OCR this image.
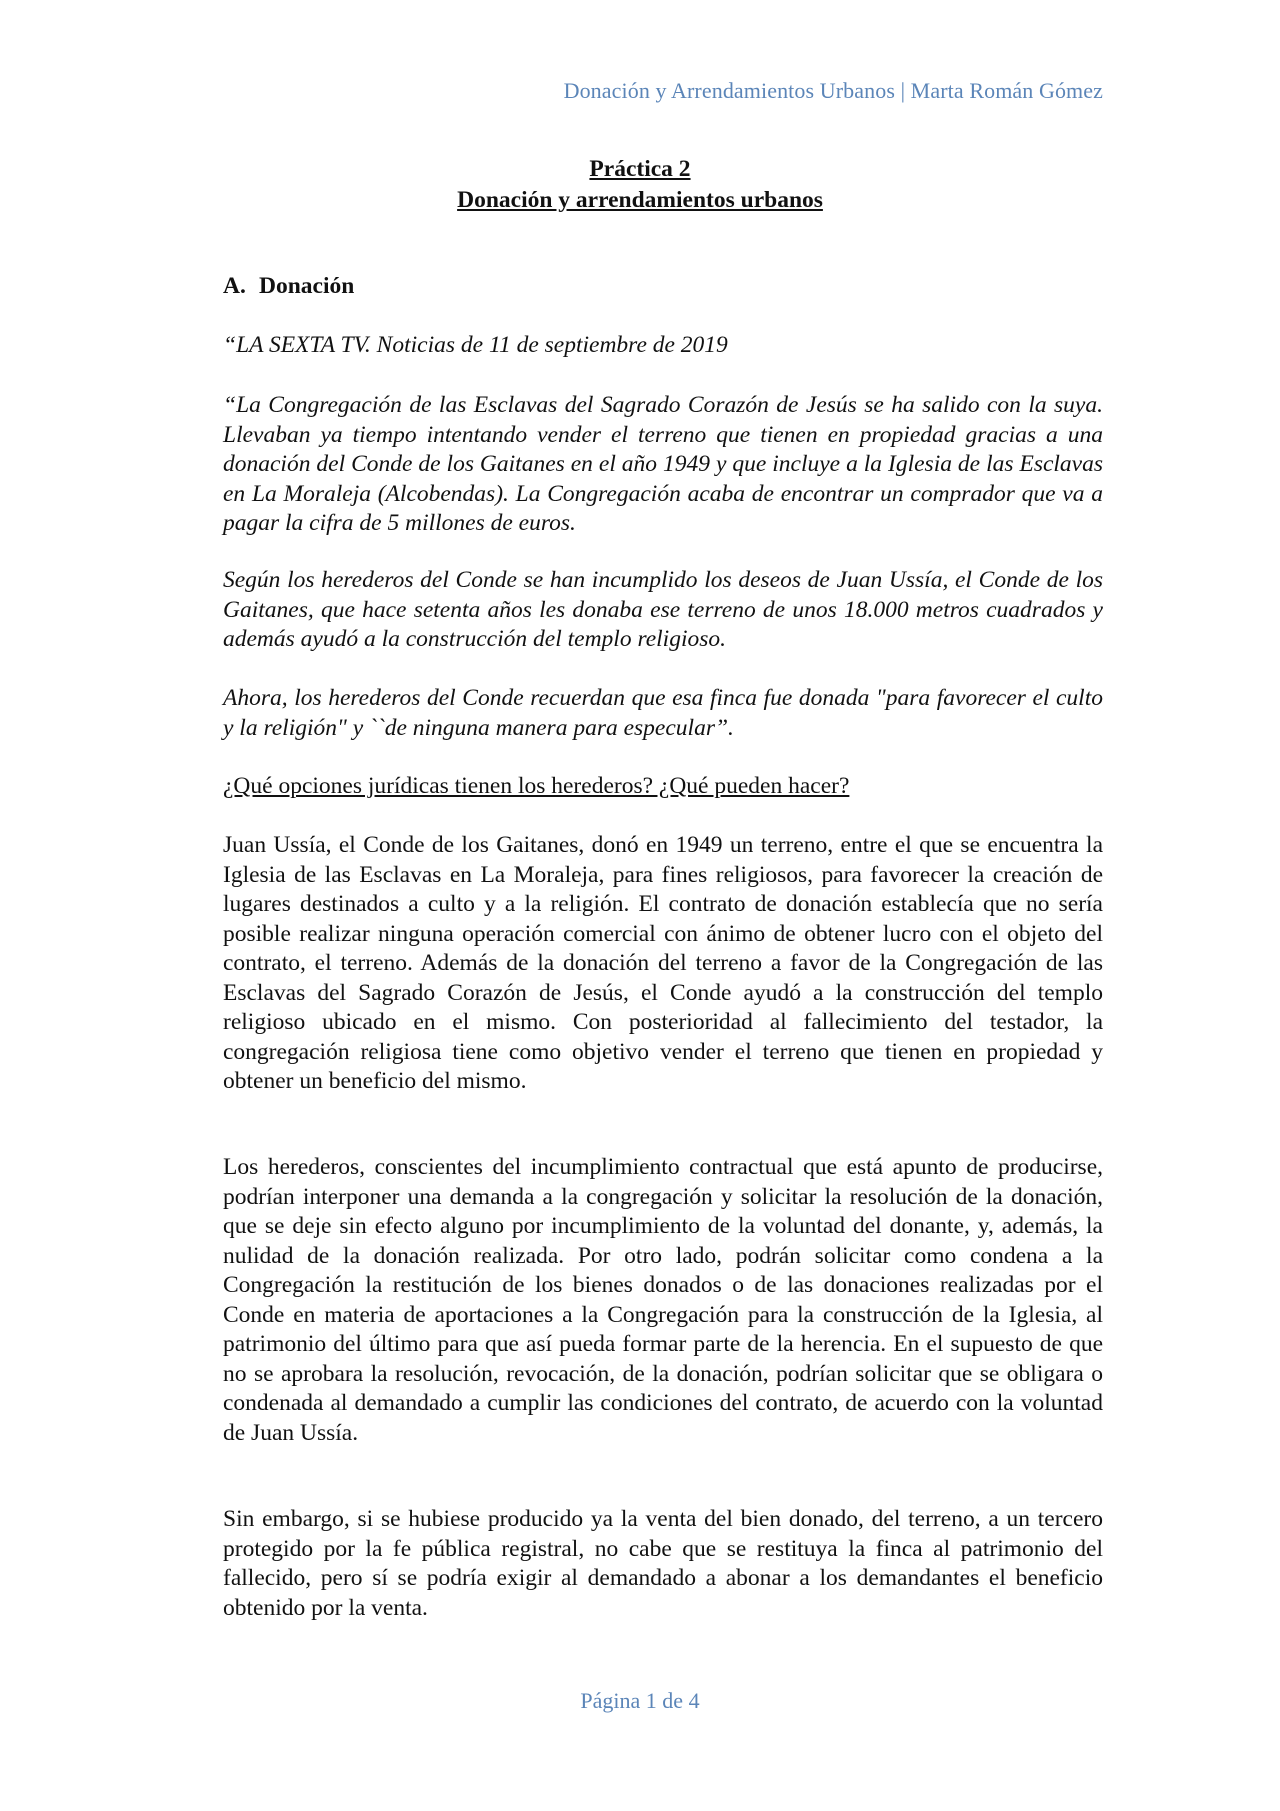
Donación y Arrendamientos Urbanos | Marta Román Gómez
Práctica 2
Donación y arrendamientos urbanos
A. Donación
“LA SEXTA TV. Noticias de 11 de septiembre de 2019
“La Congregación de las Esclavas del Sagrado Corazón de Jesús se ha salido con la suya. Llevaban ya tiempo intentando vender el terreno que tienen en propiedad gracias a una donación del Conde de los Gaitanes en el año 1949 y que incluye a la Iglesia de las Esclavas en La Moraleja (Alcobendas). La Congregación acaba de encontrar un comprador que va a pagar la cifra de 5 millones de euros.
Según los herederos del Conde se han incumplido los deseos de Juan Ussía, el Conde de los Gaitanes, que hace setenta años les donaba ese terreno de unos 18.000 metros cuadrados y además ayudó a la construcción del templo religioso.
Ahora, los herederos del Conde recuerdan que esa finca fue donada "para favorecer el culto y la religión" y ``de ninguna manera para especular”.
¿Qué opciones jurídicas tienen los herederos? ¿Qué pueden hacer?
Juan Ussía, el Conde de los Gaitanes, donó en 1949 un terreno, entre el que se encuentra la Iglesia de las Esclavas en La Moraleja, para fines religiosos, para favorecer la creación de lugares destinados a culto y a la religión. El contrato de donación establecía que no sería posible realizar ninguna operación comercial con ánimo de obtener lucro con el objeto del contrato, el terreno. Además de la donación del terreno a favor de la Congregación de las Esclavas del Sagrado Corazón de Jesús, el Conde ayudó a la construcción del templo religioso ubicado en el mismo. Con posterioridad al fallecimiento del testador, la congregación religiosa tiene como objetivo vender el terreno que tienen en propiedad y obtener un beneficio del mismo.
Los herederos, conscientes del incumplimiento contractual que está apunto de producirse, podrían interponer una demanda a la congregación y solicitar la resolución de la donación, que se deje sin efecto alguno por incumplimiento de la voluntad del donante, y, además, la nulidad de la donación realizada. Por otro lado, podrán solicitar como condena a la Congregación la restitución de los bienes donados o de las donaciones realizadas por el Conde en materia de aportaciones a la Congregación para la construcción de la Iglesia, al patrimonio del último para que así pueda formar parte de la herencia. En el supuesto de que no se aprobara la resolución, revocación, de la donación, podrían solicitar que se obligara o condenada al demandado a cumplir las condiciones del contrato, de acuerdo con la voluntad de Juan Ussía.
Sin embargo, si se hubiese producido ya la venta del bien donado, del terreno, a un tercero protegido por la fe pública registral, no cabe que se restituya la finca al patrimonio del fallecido, pero sí se podría exigir al demandado a abonar a los demandantes el beneficio obtenido por la venta.
Página 1 de 4
